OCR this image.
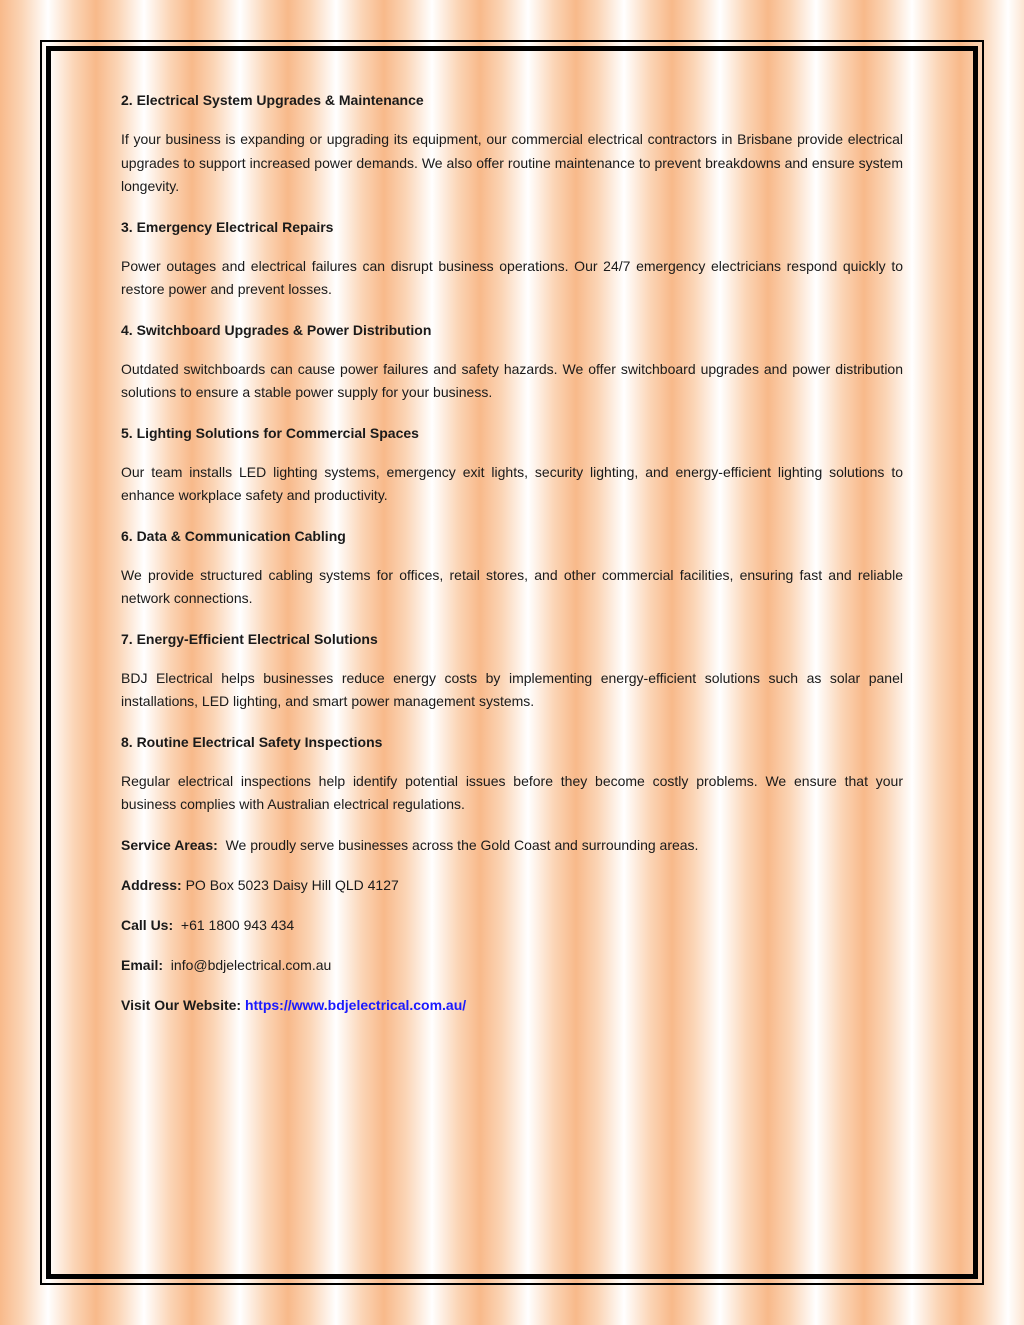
2. Electrical System Upgrades & Maintenance
If your business is expanding or upgrading its equipment, our commercial electrical contractors in Brisbane provide electrical upgrades to support increased power demands. We also offer routine maintenance to prevent breakdowns and ensure system longevity.
3. Emergency Electrical Repairs
Power outages and electrical failures can disrupt business operations. Our 24/7 emergency electricians respond quickly to restore power and prevent losses.
4. Switchboard Upgrades & Power Distribution
Outdated switchboards can cause power failures and safety hazards. We offer switchboard upgrades and power distribution solutions to ensure a stable power supply for your business.
5. Lighting Solutions for Commercial Spaces
Our team installs LED lighting systems, emergency exit lights, security lighting, and energy-efficient lighting solutions to enhance workplace safety and productivity.
6. Data & Communication Cabling
We provide structured cabling systems for offices, retail stores, and other commercial facilities, ensuring fast and reliable network connections.
7. Energy-Efficient Electrical Solutions
BDJ Electrical helps businesses reduce energy costs by implementing energy-efficient solutions such as solar panel installations, LED lighting, and smart power management systems.
8. Routine Electrical Safety Inspections
Regular electrical inspections help identify potential issues before they become costly problems. We ensure that your business complies with Australian electrical regulations.
Service Areas: We proudly serve businesses across the Gold Coast and surrounding areas.
Address: PO Box 5023 Daisy Hill QLD 4127
Call Us: +61 1800 943 434
Email: info@bdjelectrical.com.au
Visit Our Website: https://www.bdjelectrical.com.au/
